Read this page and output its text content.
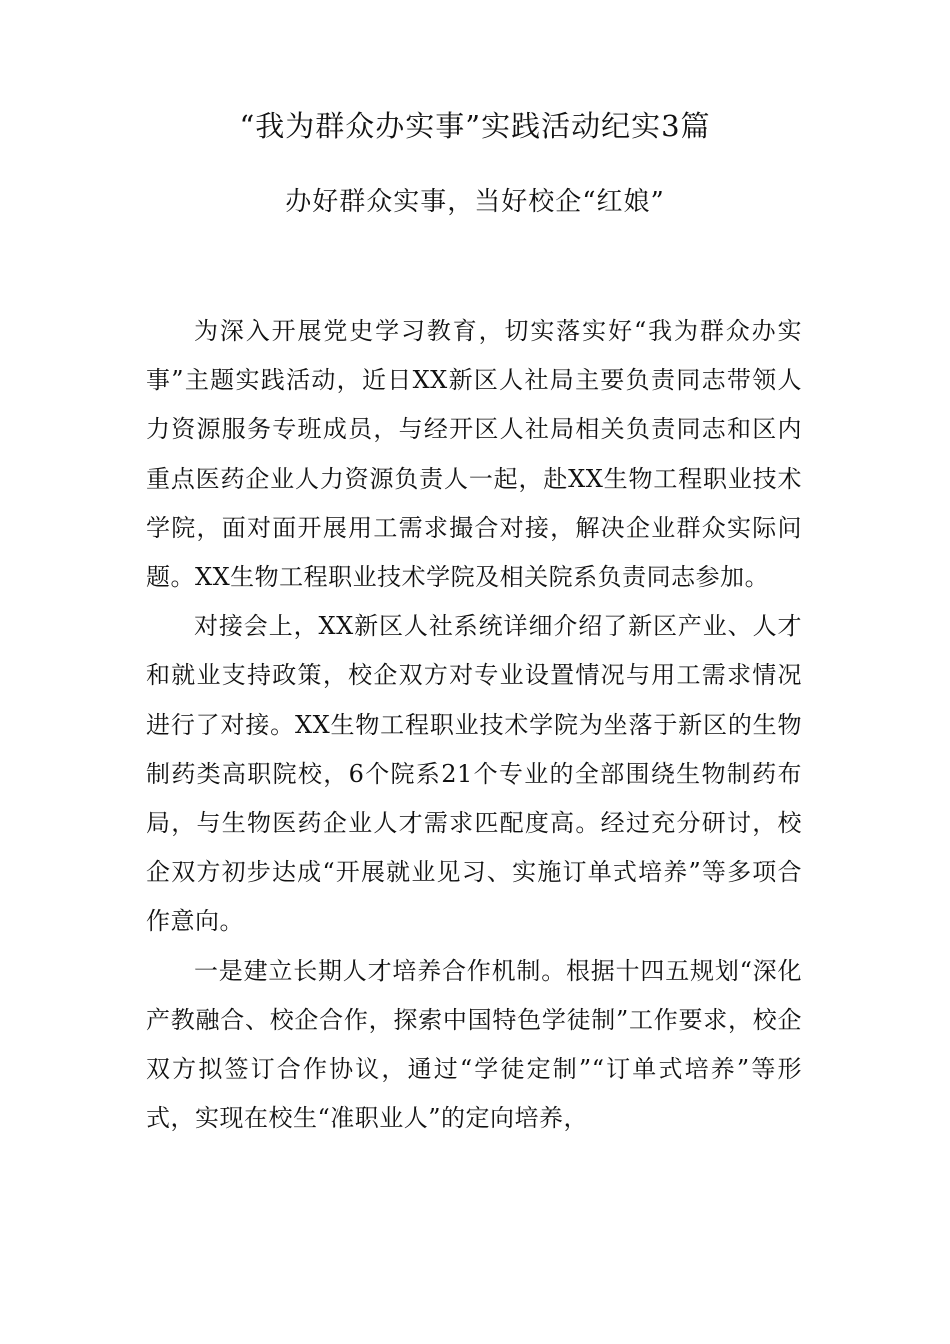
“我为群众办实事”实践活动纪实3篇
办好群众实事，当好校企“红娘”

为深入开展党史学习教育，切实落实好“我为群众办实事”主题实践活动，近日XX新区人社局主要负责同志带领人力资源服务专班成员，与经开区人社局相关负责同志和区内重点医药企业人力资源负责人一起，赴XX生物工程职业技术学院，面对面开展用工需求撮合对接，解决企业群众实际问题。XX生物工程职业技术学院及相关院系负责同志参加。

对接会上，XX新区人社系统详细介绍了新区产业、人才和就业支持政策，校企双方对专业设置情况与用工需求情况进行了对接。XX生物工程职业技术学院为坐落于新区的生物制药类高职院校，6个院系21个专业的全部围绕生物制药布局，与生物医药企业人才需求匹配度高。经过充分研讨，校企双方初步达成“开展就业见习、实施订单式培养”等多项合作意向。

一是建立长期人才培养合作机制。根据十四五规划“深化产教融合、校企合作，探索中国特色学徒制”工作要求，校企双方拟签订合作协议，通过“学徒定制”“订单式培养”等形式，实现在校生“准职业人”的定向培养，
